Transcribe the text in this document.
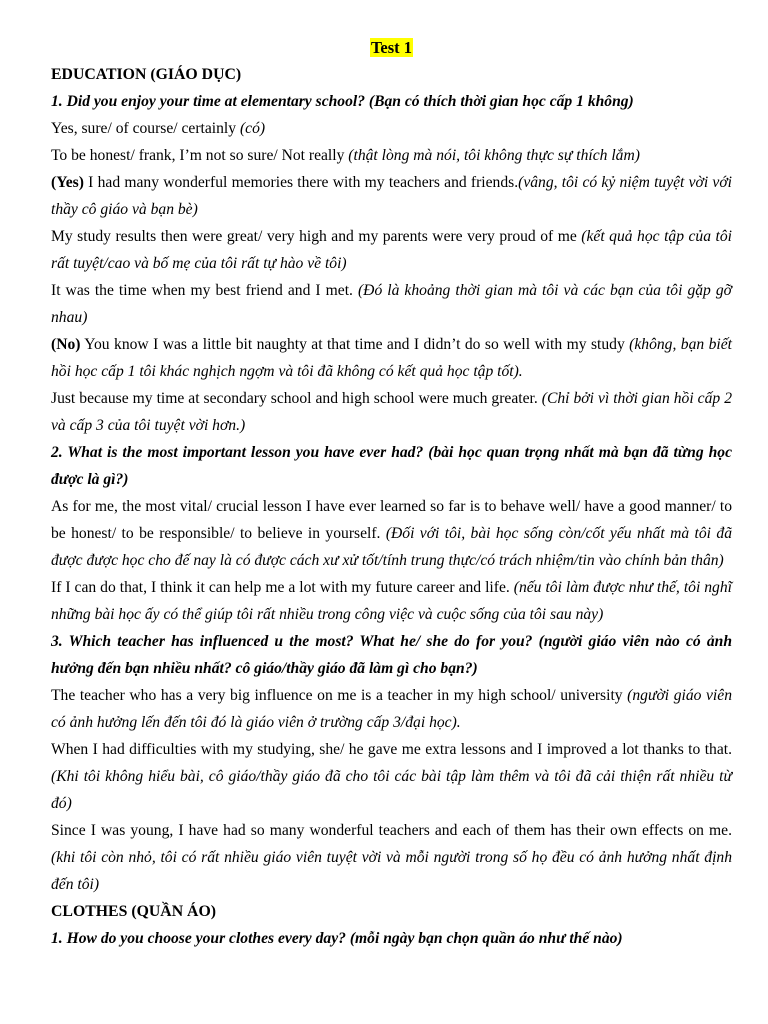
Test 1

EDUCATION (GIÁO DỤC)

1. Did you enjoy your time at elementary school? (Bạn có thích thời gian học cấp 1 không)

Yes, sure/ of course/ certainly (có)

To be honest/ frank, I’m not so sure/ Not really (thật lòng mà nói, tôi không thực sự thích lắm)

(Yes) I had many wonderful memories there with my teachers and friends.(vâng, tôi có kỷ niệm tuyệt vời với thầy cô giáo và bạn bè)

My study results then were great/ very high and my parents were very proud of me (kết quả học tập của tôi rất tuyệt/cao và bố mẹ của tôi rất tự hào về tôi)

It was the time when my best friend and I met. (Đó là khoảng thời gian mà tôi và các bạn của tôi gặp gỡ nhau)

(No) You know I was a little bit naughty at that time and I didn’t do so well with my study (không, bạn biết hồi học cấp 1 tôi khác nghịch ngợm và tôi đã không có kết quả học tập tốt).

Just because my time at secondary school and high school were much greater. (Chỉ bởi vì thời gian hồi cấp 2 và cấp 3 của tôi tuyệt vời hơn.)

2. What is the most important lesson you have ever had? (bài học quan trọng nhất mà bạn đã từng học được là gì?)

As for me, the most vital/ crucial lesson I have ever learned so far is to behave well/ have a good manner/ to be honest/ to be responsible/ to believe in yourself. (Đối với tôi, bài học sống còn/cốt yếu nhất mà tôi đã được được học cho đế nay là có được cách xư xử tốt/tính trung thực/có trách nhiệm/tin vào chính bản thân)

If I can do that, I think it can help me a lot with my future career and life. (nếu tôi làm được như thế, tôi nghĩ những bài học ấy có thể giúp tôi rất nhiều trong công việc và cuộc sống của tôi sau này)

3. Which teacher has influenced u the most? What he/ she do for you? (người giáo viên nào có ảnh hưởng đến bạn nhiều nhất? cô giáo/thầy giáo đã làm gì cho bạn?)

The teacher who has a very big influence on me is a teacher in my high school/ university (người giáo viên có ảnh hưởng lến đến tôi đó là giáo viên ở trường cấp 3/đại học).

When I had difficulties with my studying, she/ he gave me extra lessons and I improved a lot thanks to that. (Khi tôi không hiểu bài, cô giáo/thầy giáo đã cho tôi các bài tập làm thêm và tôi đã cải thiện rất nhiều từ đó)

Since I was young, I have had so many wonderful teachers and each of them has their own effects on me. (khi tôi còn nhỏ, tôi có rất nhiều giáo viên tuyệt vời và mỗi người trong số họ đều có ảnh hưởng nhất định đến tôi)

CLOTHES (QUẦN ÁO)

1. How do you choose your clothes every day? (mỗi ngày bạn chọn quần áo như thế nào)
